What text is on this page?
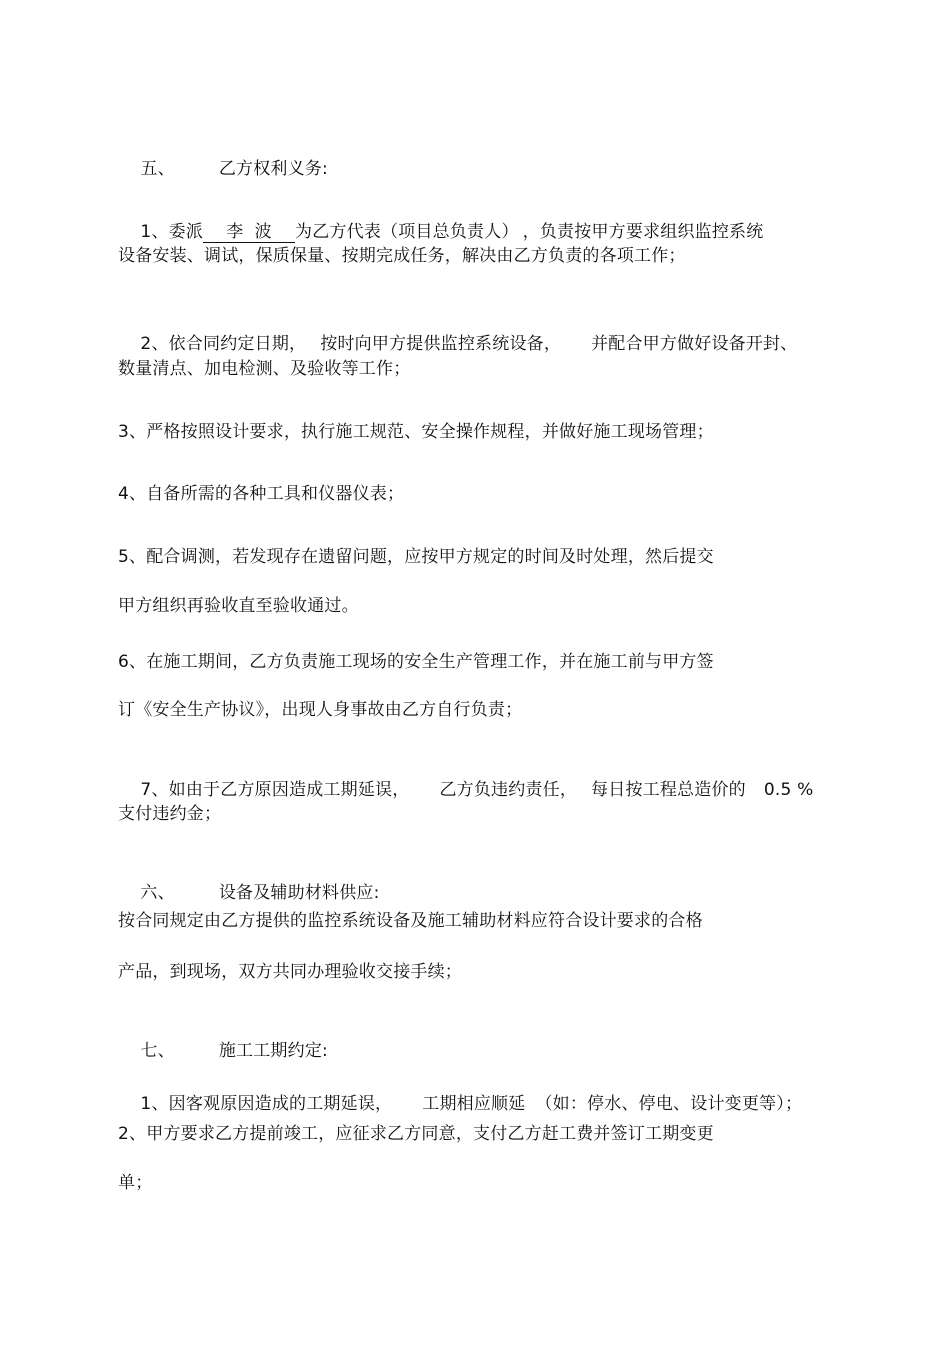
五、	乙方权利义务:

1、委派 李  波 为乙方代表（项目总负责人） ，负责按甲方要求组织监控系统

设备安装、调试，保质保量、按期完成任务，解决由乙方负责的各项工作；

2、依合同约定日期， 按时向甲方提供监控系统设备， 并配合甲方做好设备开封、

数量清点、加电检测、及验收等工作；
3、严格按照设计要求，执行施工规范、安全操作规程，并做好施工现场管理；
4、自备所需的各种工具和仪器仪表；
5、配合调测，若发现存在遗留问题，应按甲方规定的时间及时处理，然后提交
甲方组织再验收直至验收通过。
6、在施工期间，乙方负责施工现场的安全生产管理工作，并在施工前与甲方签
订《安全生产协议》，出现人身事故由乙方自行负责；

7、如由于乙方原因造成工期延误， 乙方负违约责任， 每日按工程总造价的 0.5 %

支付违约金；

六、	设备及辅助材料供应:

按合同规定由乙方提供的监控系统设备及施工辅助材料应符合设计要求的合格
产品，到现场，双方共同办理验收交接手续；

七、	施工工期约定:

1、因客观原因造成的工期延误， 工期相应顺延 （如：停水、停电、设计变更等）；

2、甲方要求乙方提前竣工，应征求乙方同意，支付乙方赶工费并签订工期变更
单；
